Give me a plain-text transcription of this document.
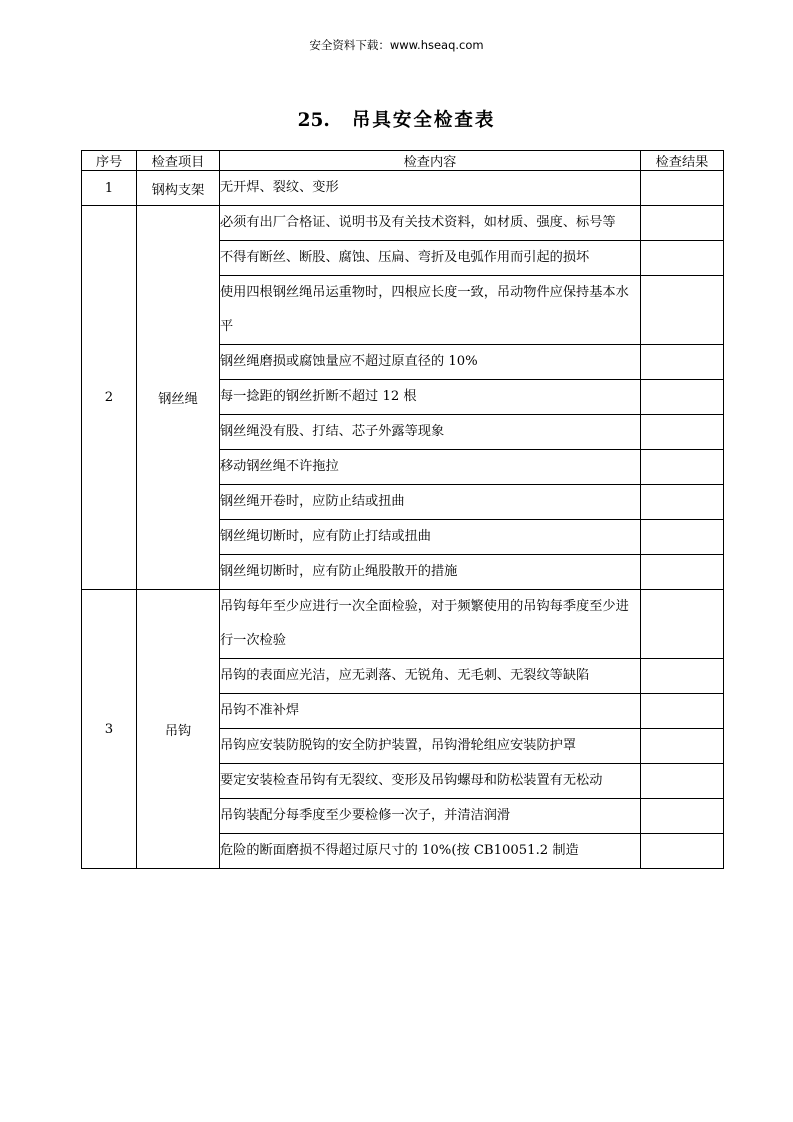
安全资料下载：www.hseaq.com
25. 吊具安全检查表
序号	检查项目	检查内容	检查结果
1	钢构支架	无开焊、裂纹、变形	
2	钢丝绳	必须有出厂合格证、说明书及有关技术资料，如材质、强度、标号等	
		不得有断丝、断股、腐蚀、压扁、弯折及电弧作用而引起的损坏	
		使用四根钢丝绳吊运重物时，四根应长度一致，吊动物件应保持基本水平	
		钢丝绳磨损或腐蚀量应不超过原直径的 10%	
		每一捻距的钢丝折断不超过 12 根	
		钢丝绳没有股、打结、芯子外露等现象	
		移动钢丝绳不许拖拉	
		钢丝绳开卷时，应防止结或扭曲	
		钢丝绳切断时，应有防止打结或扭曲	
		钢丝绳切断时，应有防止绳股散开的措施	
3	吊钩	吊钩每年至少应进行一次全面检验，对于频繁使用的吊钩每季度至少进行一次检验	
		吊钩的表面应光洁，应无剥落、无锐角、无毛刺、无裂纹等缺陷	
		吊钩不准补焊	
		吊钩应安装防脱钩的安全防护装置，吊钩滑轮组应安装防护罩	
		要定安装检查吊钩有无裂纹、变形及吊钩螺母和防松装置有无松动	
		吊钩装配分每季度至少要检修一次子，并清洁润滑	
		危险的断面磨损不得超过原尺寸的 10%(按 CB10051.2 制造	
